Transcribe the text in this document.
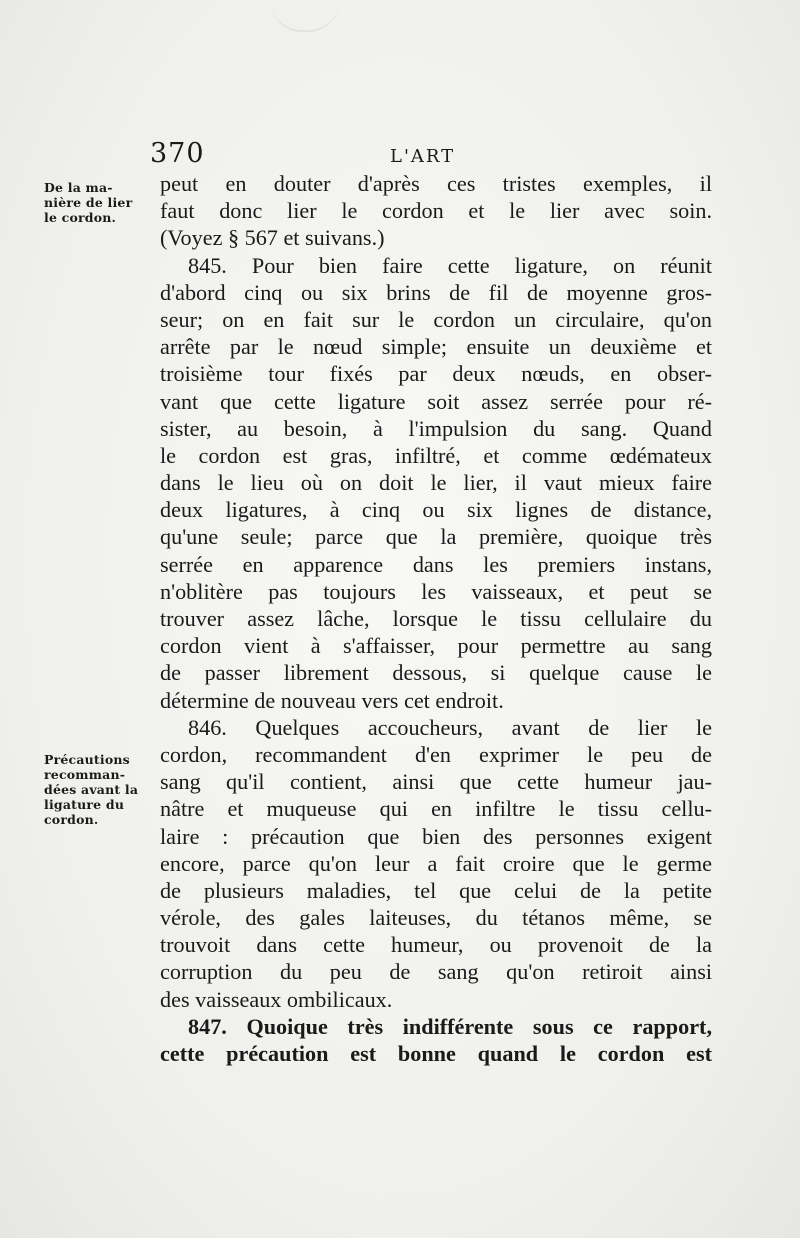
370	L'ART
De la ma-
nière de lier
le cordon.
Précautions
recomman-
dées avant la
ligature du
cordon.
peut en douter d'après ces tristes exemples, il
faut donc lier le cordon et le lier avec soin.
(Voyez § 567 et suivans.)
845. Pour bien faire cette ligature, on réunit
d'abord cinq ou six brins de fil de moyenne gros-
seur; on en fait sur le cordon un circulaire, qu'on
arrête par le nœud simple; ensuite un deuxième et
troisième tour fixés par deux nœuds, en obser-
vant que cette ligature soit assez serrée pour ré-
sister, au besoin, à l'impulsion du sang. Quand
le cordon est gras, infiltré, et comme œdémateux
dans le lieu où on doit le lier, il vaut mieux faire
deux ligatures, à cinq ou six lignes de distance,
qu'une seule; parce que la première, quoique très
serrée en apparence dans les premiers instans,
n'oblitère pas toujours les vaisseaux, et peut se
trouver assez lâche, lorsque le tissu cellulaire du
cordon vient à s'affaisser, pour permettre au sang
de passer librement dessous, si quelque cause le
détermine de nouveau vers cet endroit.
846. Quelques accoucheurs, avant de lier le
cordon, recommandent d'en exprimer le peu de
sang qu'il contient, ainsi que cette humeur jau-
nâtre et muqueuse qui en infiltre le tissu cellu-
laire : précaution que bien des personnes exigent
encore, parce qu'on leur a fait croire que le germe
de plusieurs maladies, tel que celui de la petite
vérole, des gales laiteuses, du tétanos même, se
trouvoit dans cette humeur, ou provenoit de la
corruption du peu de sang qu'on retiroit ainsi
des vaisseaux ombilicaux.
847. Quoique très indifférente sous ce rapport,
cette précaution est bonne quand le cordon est
